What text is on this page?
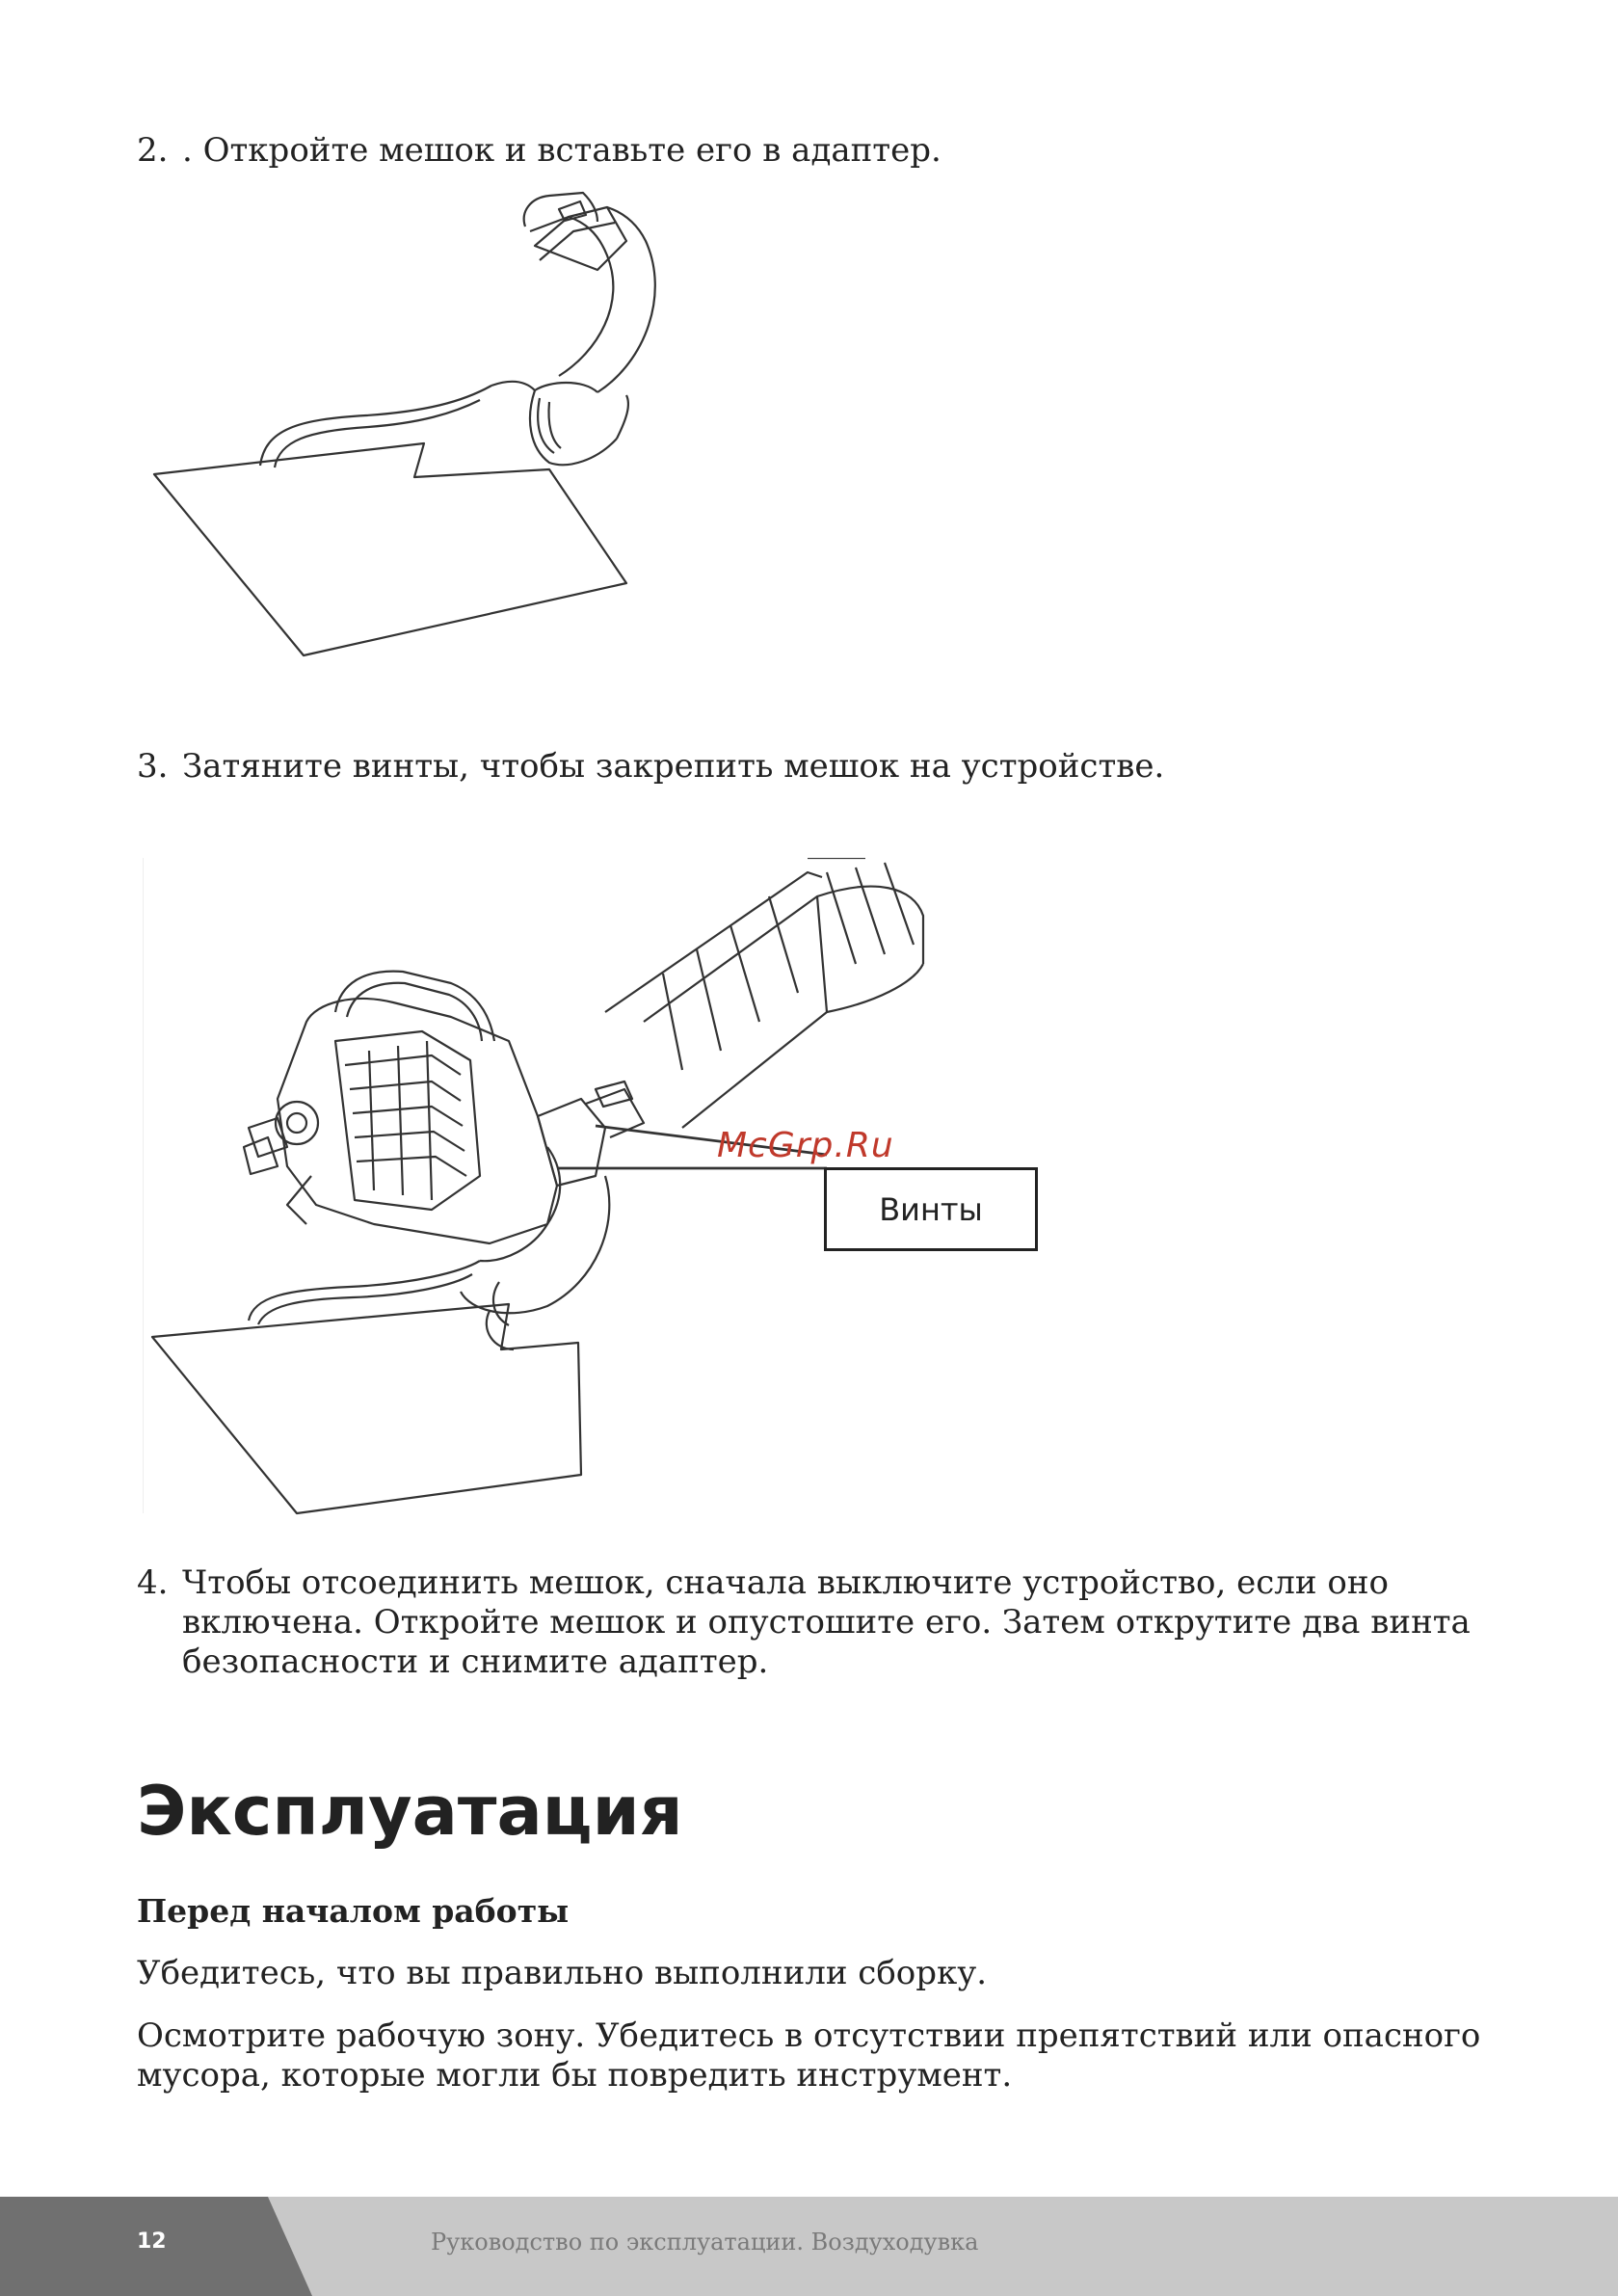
2. . Откройте мешок и вставьте его в адаптер.

3. Затяните винты, чтобы закрепить мешок на устройстве.

McGrp.Ru
Винты

4. Чтобы отсоединить мешок, сначала выключите устройство, если оно включена. Откройте мешок и опустошите его. Затем открутите два винта безопасности и снимите адаптер.

Эксплуатация
Перед началом работы

Убедитесь, что вы правильно выполнили сборку.

Осмотрите рабочую зону. Убедитесь в отсутствии препятствий или опасного мусора, которые могли бы повредить инструмент.

12	Руководство по эксплуатации. Воздуходувка
